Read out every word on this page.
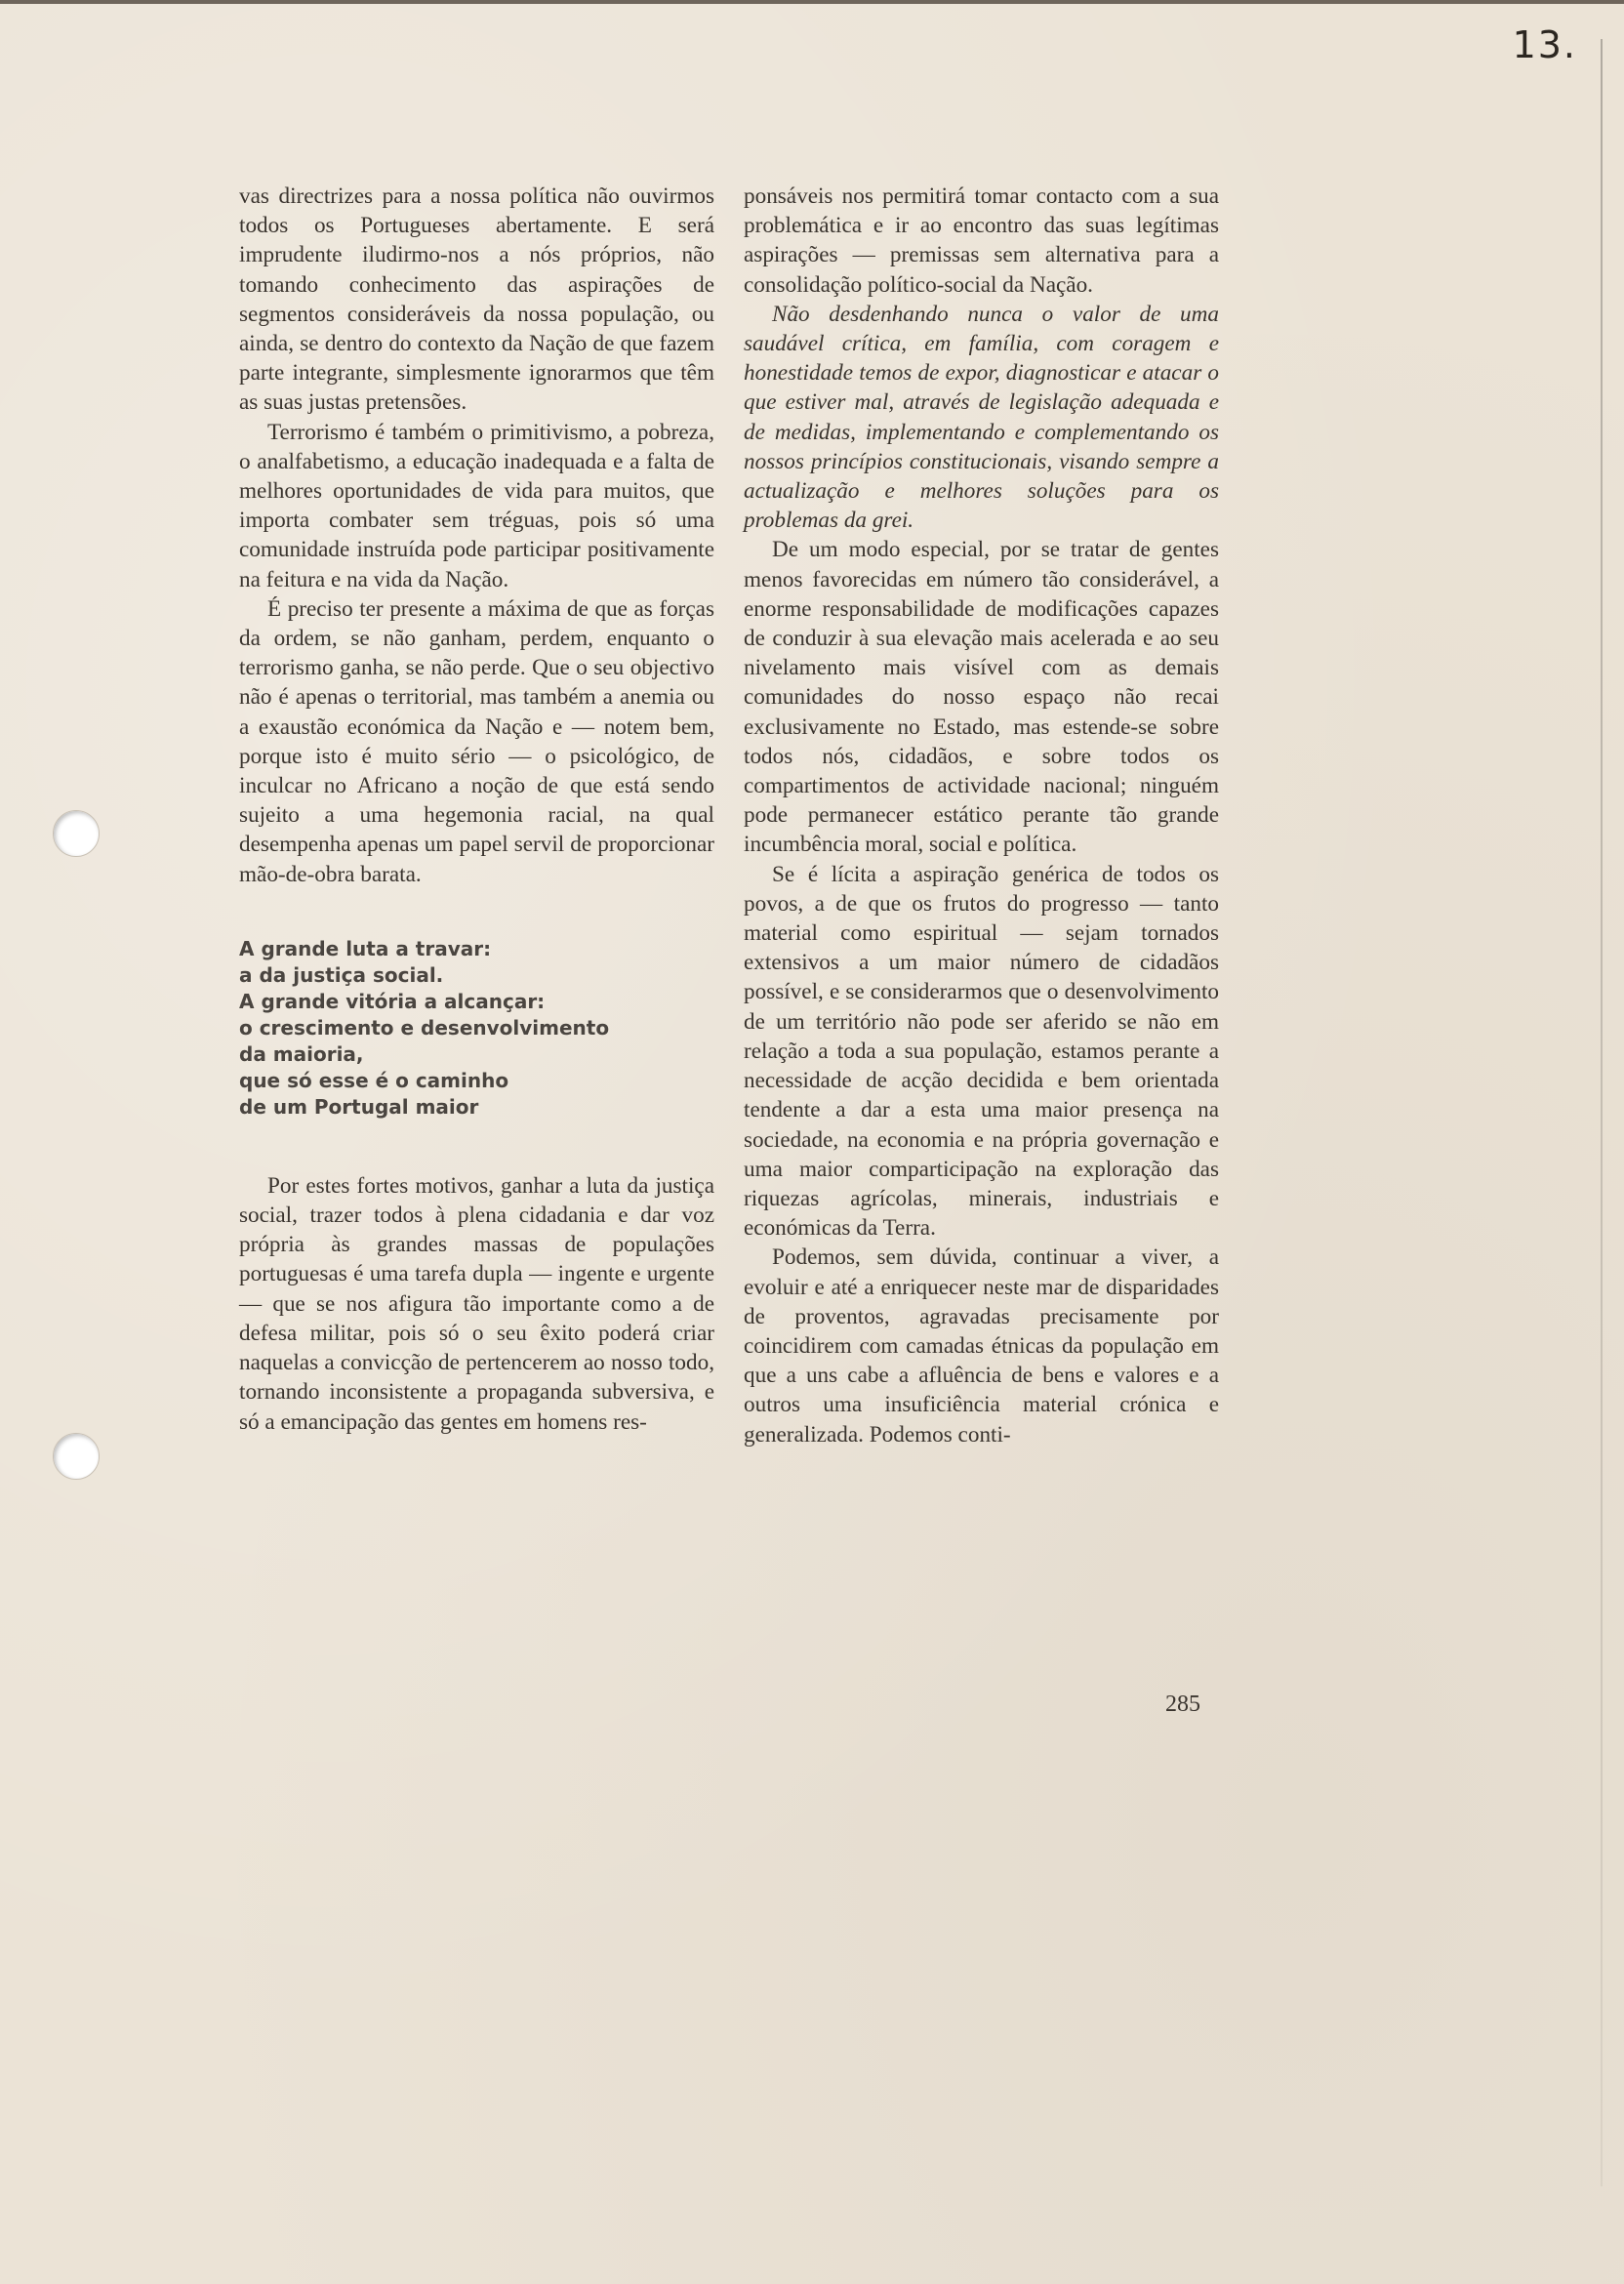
13.

vas directrizes para a nossa política não ouvirmos todos os Portugueses abertamente. E será imprudente iludirmo-nos a nós próprios, não tomando conhecimento das aspirações de segmentos consideráveis da nossa população, ou ainda, se dentro do contexto da Nação de que fazem parte integrante, simplesmente ignorarmos que têm as suas justas pretensões.

Terrorismo é também o primitivismo, a pobreza, o analfabetismo, a educação inadequada e a falta de melhores oportunidades de vida para muitos, que importa combater sem tréguas, pois só uma comunidade instruída pode participar positivamente na feitura e na vida da Nação.

É preciso ter presente a máxima de que as forças da ordem, se não ganham, perdem, enquanto o terrorismo ganha, se não perde. Que o seu objectivo não é apenas o territorial, mas também a anemia ou a exaustão económica da Nação e — notem bem, porque isto é muito sério — o psicológico, de inculcar no Africano a noção de que está sendo sujeito a uma hegemonia racial, na qual desempenha apenas um papel servil de proporcionar mão-de-obra barata.

A grande luta a travar:
a da justiça social.
A grande vitória a alcançar:
o crescimento e desenvolvimento
da maioria,
que só esse é o caminho
de um Portugal maior

Por estes fortes motivos, ganhar a luta da justiça social, trazer todos à plena cidadania e dar voz própria às grandes massas de populações portuguesas é uma tarefa dupla — ingente e urgente — que se nos afigura tão importante como a de defesa militar, pois só o seu êxito poderá criar naquelas a convicção de pertencerem ao nosso todo, tornando inconsistente a propaganda subversiva, e só a emancipação das gentes em homens res-

ponsáveis nos permitirá tomar contacto com a sua problemática e ir ao encontro das suas legítimas aspirações — premissas sem alternativa para a consolidação político-social da Nação.

Não desdenhando nunca o valor de uma saudável crítica, em família, com coragem e honestidade temos de expor, diagnosticar e atacar o que estiver mal, através de legislação adequada e de medidas, implementando e complementando os nossos princípios constitucionais, visando sempre a actualização e melhores soluções para os problemas da grei.

De um modo especial, por se tratar de gentes menos favorecidas em número tão considerável, a enorme responsabilidade de modificações capazes de conduzir à sua elevação mais acelerada e ao seu nivelamento mais visível com as demais comunidades do nosso espaço não recai exclusivamente no Estado, mas estende-se sobre todos nós, cidadãos, e sobre todos os compartimentos de actividade nacional; ninguém pode permanecer estático perante tão grande incumbência moral, social e política.

Se é lícita a aspiração genérica de todos os povos, a de que os frutos do progresso — tanto material como espiritual — sejam tornados extensivos a um maior número de cidadãos possível, e se considerarmos que o desenvolvimento de um território não pode ser aferido se não em relação a toda a sua população, estamos perante a necessidade de acção decidida e bem orientada tendente a dar a esta uma maior presença na sociedade, na economia e na própria governação e uma maior comparticipação na exploração das riquezas agrícolas, minerais, industriais e económicas da Terra.

Podemos, sem dúvida, continuar a viver, a evoluir e até a enriquecer neste mar de disparidades de proventos, agravadas precisamente por coincidirem com camadas étnicas da população em que a uns cabe a afluência de bens e valores e a outros uma insuficiência material crónica e generalizada. Podemos conti-

285
